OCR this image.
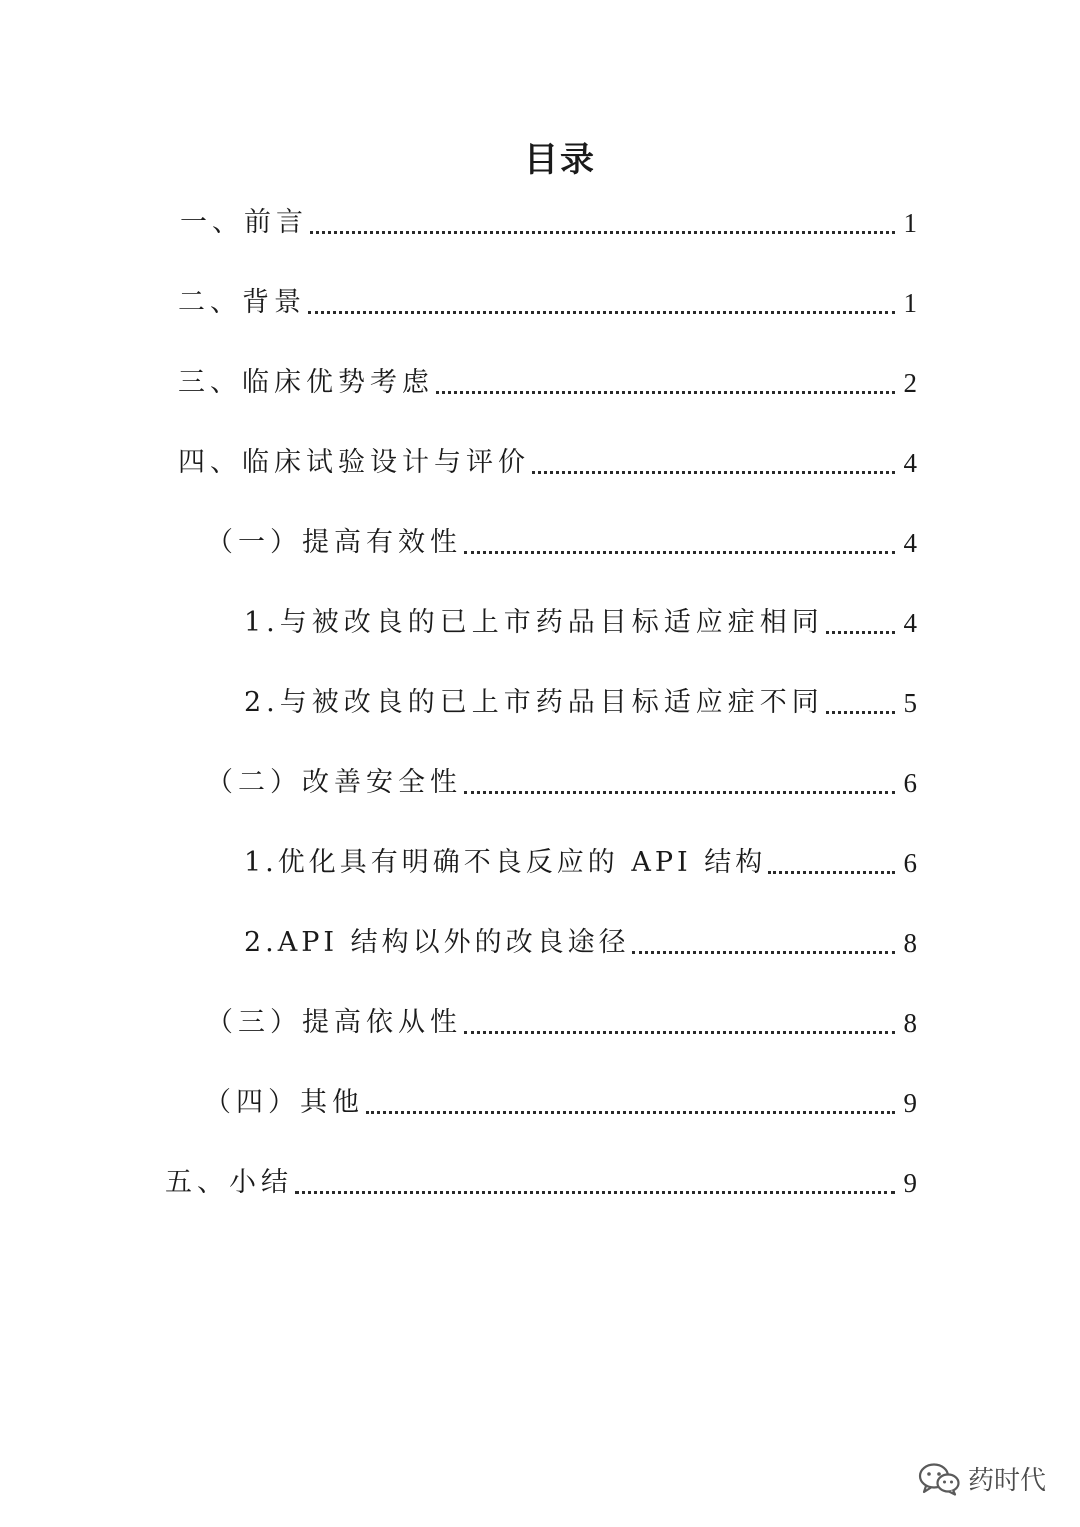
目录
一、前言	1
二、背景	1
三、临床优势考虑	2
四、临床试验设计与评价	4
（一）提高有效性	4
1.与被改良的已上市药品目标适应症相同	4
2.与被改良的已上市药品目标适应症不同	5
（二）改善安全性	6
1.优化具有明确不良反应的 API 结构	6
2.API 结构以外的改良途径	8
（三）提高依从性	8
（四）其他	9
五、小结	9
药时代
